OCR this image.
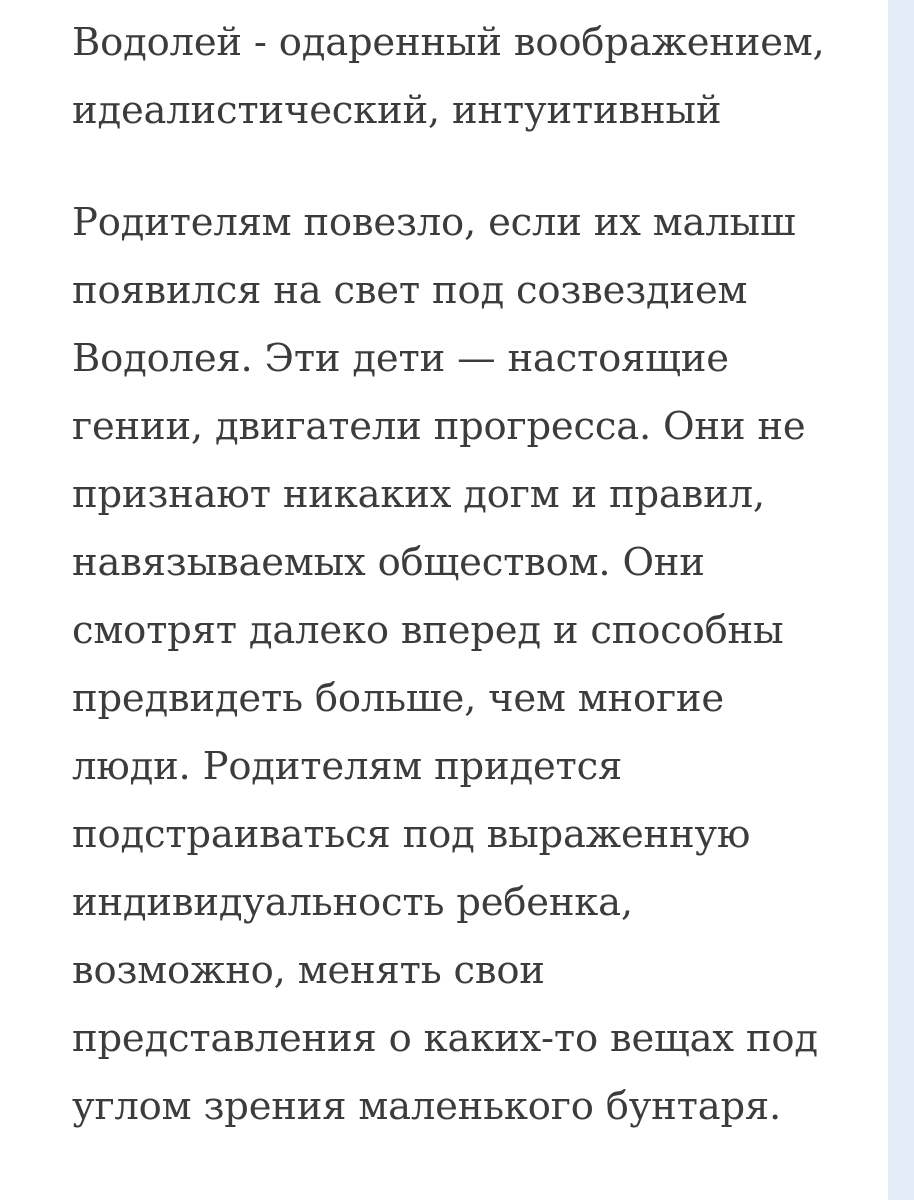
Водолей - одаренный воображением,
идеалистический, интуитивный
Родителям повезло, если их малыш
появился на свет под созвездием
Водолея. Эти дети — настоящие
гении, двигатели прогресса. Они не
признают никаких догм и правил,
навязываемых обществом. Они
смотрят далеко вперед и способны
предвидеть больше, чем многие
люди. Родителям придется
подстраиваться под выраженную
индивидуальность ребенка,
возможно, менять свои
представления о каких-то вещах под
углом зрения маленького бунтаря.
